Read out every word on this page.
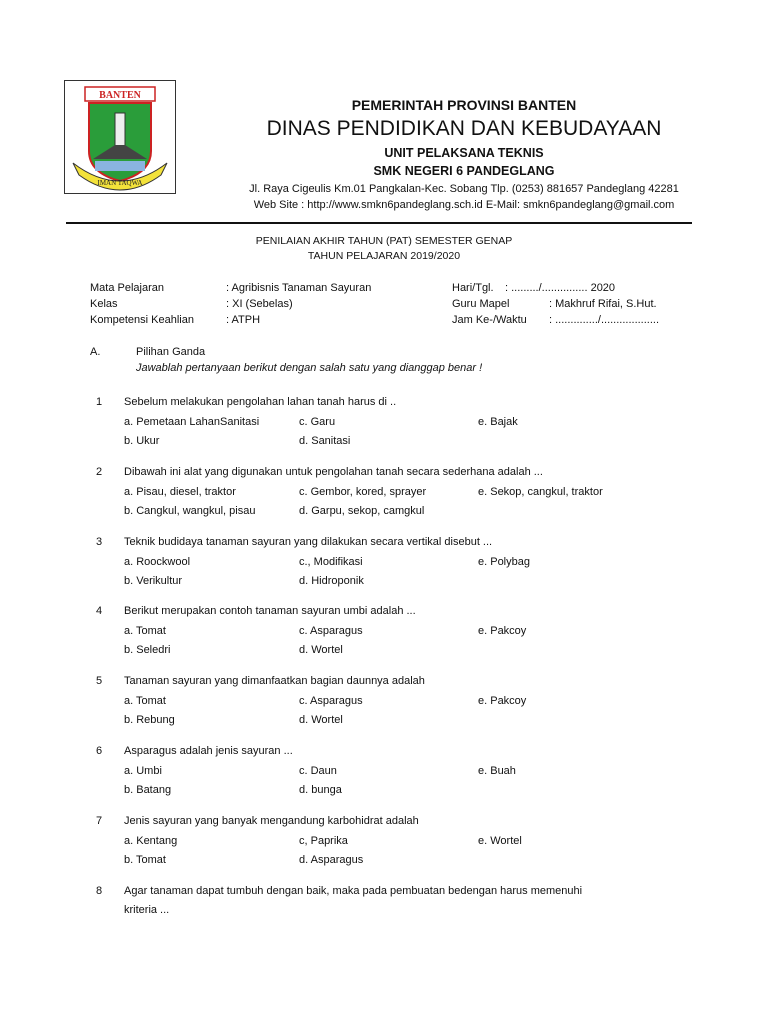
BANTEN
IMAN TAQWA
PEMERINTAH PROVINSI BANTEN
DINAS PENDIDIKAN DAN KEBUDAYAAN
UNIT PELAKSANA TEKNIS
SMK NEGERI 6 PANDEGLANG
Jl. Raya Cigeulis Km.01 Pangkalan-Kec. Sobang Tlp. (0253) 881657 Pandeglang 42281
Web Site : http://www.smkn6pandeglang.sch.id E-Mail: smkn6pandeglang@gmail.com
PENILAIAN AKHIR TAHUN (PAT) SEMESTER GENAP
TAHUN PELAJARAN 2019/2020
Mata Pelajaran	: Agribisnis Tanaman Sayuran
Kelas	: XI (Sebelas)
Kompetensi Keahlian	: ATPH
Hari/Tgl. : ........./............... 2020
Guru Mapel	: Makhruf Rifai, S.Hut.
Jam Ke-/Waktu : ............../...................
A.	Pilihan Ganda
Jawablah pertanyaan berikut dengan salah satu yang dianggap benar !
1 Sebelum melakukan pengolahan lahan tanah harus di ..
a. Pemetaan LahanSanitasi
b. Ukur
c. Garu
d. Sanitasi
e. Bajak
2 Dibawah ini alat yang digunakan untuk pengolahan tanah secara sederhana adalah ...
a. Pisau, diesel, traktor
b. Cangkul, wangkul, pisau
c. Gembor, kored, sprayer
d. Garpu, sekop, camgkul
e. Sekop, cangkul, traktor
3 Teknik budidaya tanaman sayuran yang dilakukan secara vertikal disebut ...
a. Roockwool
b. Verikultur
c., Modifikasi
d. Hidroponik
e. Polybag
4 Berikut merupakan contoh tanaman sayuran umbi adalah ...
a. Tomat
b. Seledri
c. Asparagus
d. Wortel
e. Pakcoy
5 Tanaman sayuran yang dimanfaatkan bagian daunnya adalah
a. Tomat
b. Rebung
c. Asparagus
d. Wortel
e. Pakcoy
6 Asparagus adalah jenis sayuran ...
a. Umbi
b. Batang
c. Daun
d. bunga
e. Buah
7 Jenis sayuran yang banyak mengandung karbohidrat adalah
a. Kentang
b. Tomat
c, Paprika
d. Asparagus
e. Wortel
8 Agar tanaman dapat tumbuh dengan baik, maka pada pembuatan bedengan harus memenuhi
kriteria ...
